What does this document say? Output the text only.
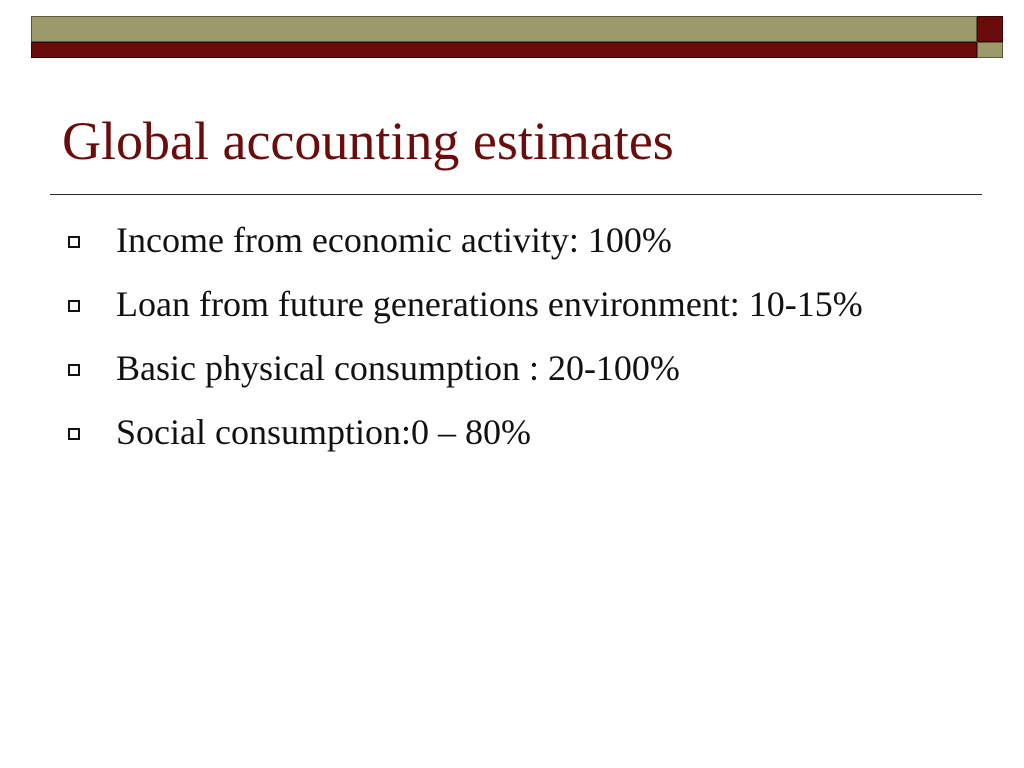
Global accounting estimates
Income from economic activity: 100%
Loan from future generations environment: 10-15%
Basic physical consumption : 20-100%
Social consumption:0 – 80%
